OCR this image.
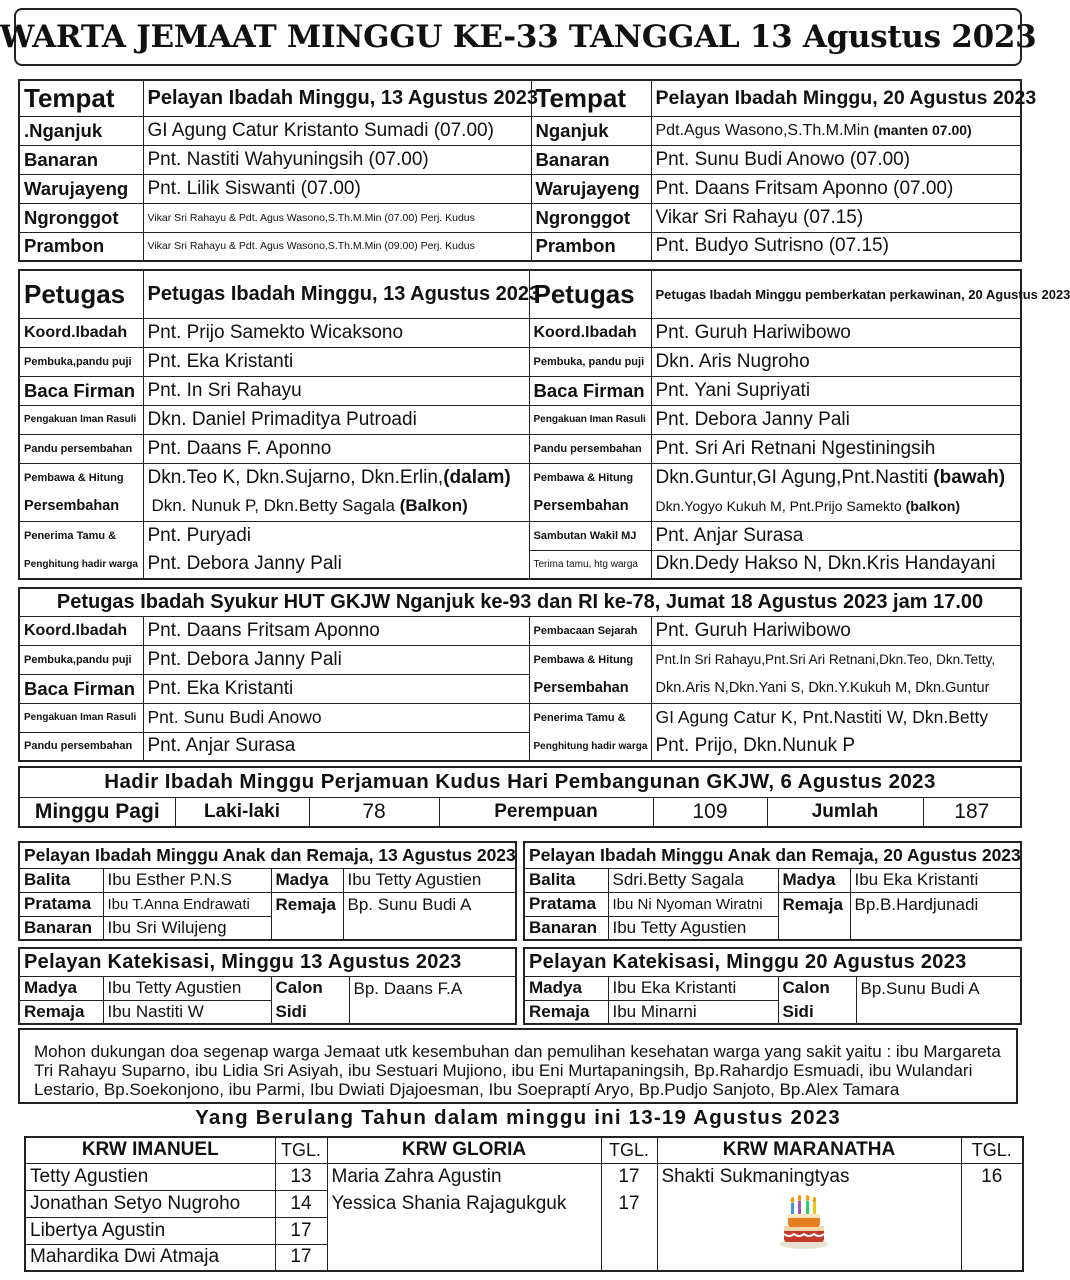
WARTA JEMAAT MINGGU KE-33 TANGGAL 13 Agustus 2023
Tempat	Pelayan Ibadah Minggu, 13 Agustus 2023	Tempat	Pelayan Ibadah Minggu, 20 Agustus 2023
.Nganjuk	GI Agung Catur Kristanto Sumadi (07.00)	Nganjuk	Pdt.Agus Wasono,S.Th.M.Min (manten 07.00)
Banaran	Pnt. Nastiti Wahyuningsih (07.00)	Banaran	Pnt. Sunu Budi Anowo (07.00)
Warujayeng	Pnt. Lilik Siswanti (07.00)	Warujayeng	Pnt. Daans Fritsam Aponno (07.00)
Ngronggot	Vikar Sri Rahayu & Pdt. Agus Wasono,S.Th.M.Min (07.00) Perj. Kudus	Ngronggot	Vikar Sri Rahayu (07.15)
Prambon	Vikar Sri Rahayu & Pdt. Agus Wasono,S.Th.M.Min (09.00) Perj. Kudus	Prambon	Pnt. Budyo Sutrisno (07.15)
Petugas	Petugas Ibadah Minggu, 13 Agustus 2023	Petugas	Petugas Ibadah Minggu pemberkatan perkawinan, 20 Agustus 2023
Koord.Ibadah	Pnt. Prijo Samekto Wicaksono	Koord.Ibadah	Pnt. Guruh Hariwibowo
Pembuka,pandu puji	Pnt. Eka Kristanti	Pembuka, pandu puji	Dkn. Aris Nugroho
Baca Firman	Pnt. In Sri Rahayu	Baca Firman	Pnt. Yani Supriyati
Pengakuan Iman Rasuli	Dkn. Daniel Primaditya Putroadi	Pengakuan Iman Rasuli	Pnt. Debora Janny Pali
Pandu persembahan	Pnt. Daans F. Aponno	Pandu persembahan	Pnt. Sri Ari Retnani Ngestiningsih
Pembawa & Hitung	Dkn.Teo K, Dkn.Sujarno, Dkn.Erlin,(dalam)	Pembawa & Hitung	Dkn.Guntur,GI Agung,Pnt.Nastiti (bawah)
Persembahan	Dkn. Nunuk P, Dkn.Betty Sagala (Balkon)	Persembahan	Dkn.Yogyo Kukuh M, Pnt.Prijo Samekto (balkon)
Penerima Tamu &	Pnt. Puryadi	Sambutan Wakil MJ	Pnt. Anjar Surasa
Penghitung hadir warga	Pnt. Debora Janny Pali	Terima tamu, htg warga	Dkn.Dedy Hakso N, Dkn.Kris Handayani
Petugas Ibadah Syukur HUT GKJW Nganjuk ke-93 dan RI ke-78, Jumat 18 Agustus 2023 jam 17.00			
Koord.Ibadah	Pnt. Daans Fritsam Aponno	Pembacaan Sejarah	Pnt. Guruh Hariwibowo
Pembuka,pandu puji	Pnt. Debora Janny Pali	Pembawa & Hitung	Pnt.In Sri Rahayu,Pnt.Sri Ari Retnani,Dkn.Teo, Dkn.Tetty,
Baca Firman	Pnt. Eka Kristanti	Persembahan	Dkn.Aris N,Dkn.Yani S, Dkn.Y.Kukuh M, Dkn.Guntur
Pengakuan Iman Rasuli	Pnt. Sunu Budi Anowo	Penerima Tamu &	GI Agung Catur K, Pnt.Nastiti W, Dkn.Betty
Pandu persembahan	Pnt. Anjar Surasa	Penghitung hadir warga	Pnt. Prijo, Dkn.Nunuk P
Hadir Ibadah Minggu Perjamuan Kudus Hari Pembangunan GKJW, 6 Agustus 2023
Minggu Pagi	Laki-laki	78	Perempuan	109	Jumlah	187
Pelayan Ibadah Minggu Anak dan Remaja, 13 Agustus 2023			
Balita	Ibu Esther P.N.S	Madya	Ibu Tetty Agustien
Pratama	Ibu T.Anna Endrawati	Remaja	Bp. Sunu Budi A
Banaran	Ibu Sri Wilujeng		
Pelayan Ibadah Minggu Anak dan Remaja, 20 Agustus 2023			
Balita	Sdri.Betty Sagala	Madya	Ibu Eka Kristanti
Pratama	Ibu Ni Nyoman Wiratni	Remaja	Bp.B.Hardjunadi
Banaran	Ibu Tetty Agustien		
Pelayan Katekisasi, Minggu 13 Agustus 2023			
Madya	Ibu Tetty Agustien	Calon	Bp. Daans F.A
Remaja	Ibu Nastiti W	Sidi	
Pelayan Katekisasi, Minggu 20 Agustus 2023			
Madya	Ibu Eka Kristanti	Calon	Bp.Sunu Budi A
Remaja	Ibu Minarni	Sidi	
Mohon dukungan doa segenap warga Jemaat utk kesembuhan dan pemulihan kesehatan warga yang sakit yaitu : ibu Margareta Tri Rahayu Suparno, ibu Lidia Sri Asiyah, ibu Sestuari Mujiono, ibu Eni Murtapaningsih, Bp.Rahardjo Esmuadi, ibu Wulandari Lestario, Bp.Soekonjono, ibu Parmi, Ibu Dwiati Djajoesman, Ibu Soepraptí Aryo, Bp.Pudjo Sanjoto, Bp.Alex Tamara
Yang Berulang Tahun dalam minggu ini 13-19 Agustus 2023
KRW IMANUEL	TGL.	KRW GLORIA	TGL.	KRW MARANATHA	TGL.
Tetty Agustien	13	Maria Zahra Agustin	17	Shakti Sukmaningtyas	16
Jonathan Setyo Nugroho	14	Yessica Shania Rajagukguk	17		
Libertya Agustin	17				
Mahardika Dwi Atmaja	17				
